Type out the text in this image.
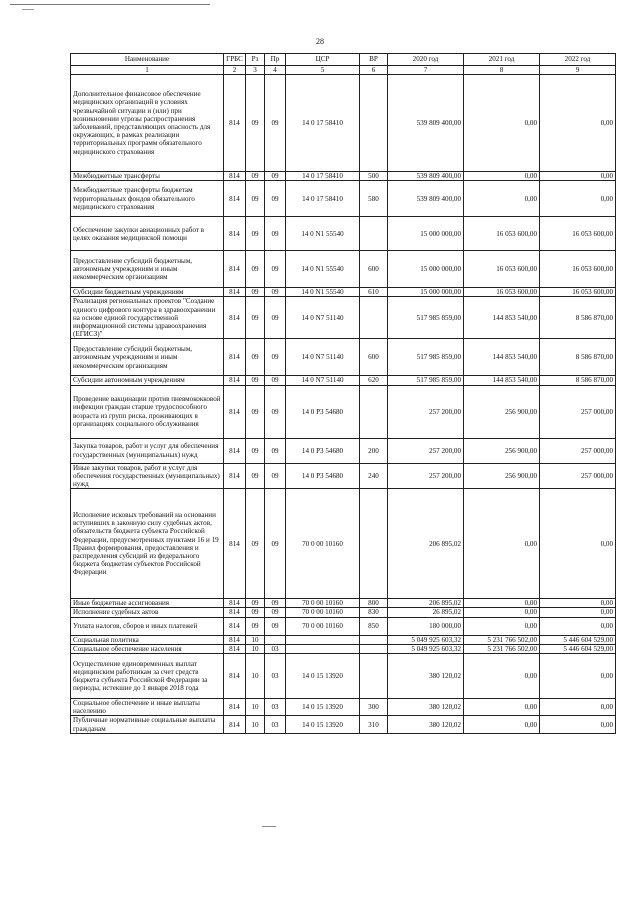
28
Наименование	ГРБС	Рз	Пр	ЦСР	ВР	2020 год	2021 год	2022 год
1	2	3	4	5	6	7	8	9
Дополнительное финансовое обеспечение медицинских организаций в условиях чрезвычайной ситуации и (или) при возникновении угрозы распространения заболеваний, представляющих опасность для окружающих, в рамках реализации территориальных программ обязательного медицинского страхования	814	09	09	14 0 17 58410		539 809 400,00	0,00	0,00
Межбюджетные трансферты	814	09	09	14 0 17 58410	500	539 809 400,00	0,00	0,00
Межбюджетные трансферты бюджетам территориальных фондов обязательного медицинского страхования	814	09	09	14 0 17 58410	580	539 809 400,00	0,00	0,00
Обеспечение закупки авиационных работ в целях оказания медицинской помощи	814	09	09	14 0 N1 55540		15 000 000,00	16 053 600,00	16 053 600,00
Предоставление субсидий бюджетным, автономным учреждениям и иным некоммерческим организациям	814	09	09	14 0 N1 55540	600	15 000 000,00	16 053 600,00	16 053 600,00
Субсидии бюджетным учреждениям	814	09	09	14 0 N1 55540	610	15 000 000,00	16 053 600,00	16 053 600,00
Реализация региональных проектов "Создание единого цифрового контура в здравоохранении на основе единой государственной информационной системы здравоохранения (ЕГИСЗ)"	814	09	09	14 0 N7 51140		517 985 859,00	144 853 540,00	8 586 870,00
Предоставление субсидий бюджетным, автономным учреждениям и иным некоммерческим организациям	814	09	09	14 0 N7 51140	600	517 985 859,00	144 853 540,00	8 586 870,00
Субсидии автономным учреждениям	814	09	09	14 0 N7 51140	620	517 985 859,00	144 853 540,00	8 586 870,00
Проведение вакцинации против пневмококковой инфекции граждан старше трудоспособного возраста из групп риска, проживающих в организациях социального обслуживания	814	09	09	14 0 P3 54680		257 200,00	256 900,00	257 000,00
Закупка товаров, работ и услуг для обеспечения государственных (муниципальных) нужд	814	09	09	14 0 P3 54680	200	257 200,00	256 900,00	257 000,00
Иные закупки товаров, работ и услуг для обеспечения государственных (муниципальных) нужд	814	09	09	14 0 P3 54680	240	257 200,00	256 900,00	257 000,00
Исполнение исковых требований на основании вступивших в законную силу судебных актов, обязательств бюджета субъекта Российской Федерации, предусмотренных пунктами 16 и 19 Правил формирования, предоставления и распределения субсидий из федерального бюджета бюджетам субъектов Российской Федерации	814	09	09	70 0 00 10160		206 895,02	0,00	0,00
Иные бюджетные ассигнования	814	09	09	70 0 00 10160	800	206 895,02	0,00	0,00
Исполнение судебных актов	814	09	09	70 0 00 10160	830	26 895,02	0,00	0,00
Уплата налогов, сборов и иных платежей	814	09	09	70 0 00 10160	850	180 000,00	0,00	0,00
Социальная политика	814	10				5 049 925 603,32	5 231 766 502,00	5 446 604 529,00
Социальное обеспечение населения	814	10	03			5 049 925 603,32	5 231 766 502,00	5 446 604 529,00
Осуществление единовременных выплат медицинским работникам за счет средств бюджета субъекта Российской Федерации за периоды, истекшие до 1 января 2018 года	814	10	03	14 0 15 13920		380 120,02	0,00	0,00
Социальное обеспечение и иные выплаты населению	814	10	03	14 0 15 13920	300	380 120,02	0,00	0,00
Публичные нормативные социальные выплаты гражданам	814	10	03	14 0 15 13920	310	380 120,02	0,00	0,00
